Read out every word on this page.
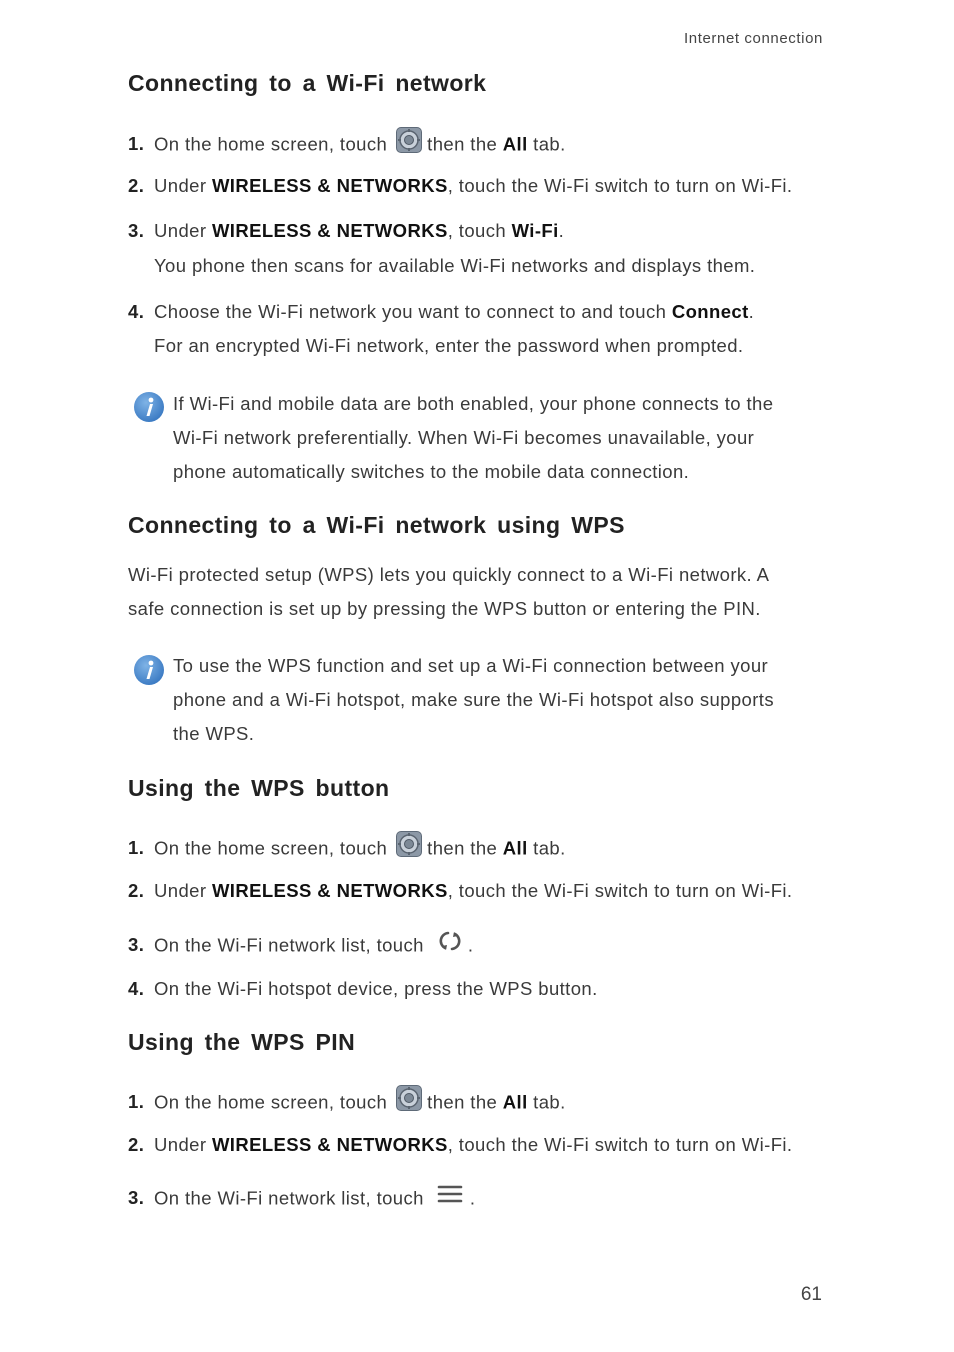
Internet connection
Connecting to a Wi-Fi network
1. On the home screen, touch then the All tab.
2. Under WIRELESS & NETWORKS, touch the Wi-Fi switch to turn on Wi-Fi.
3. Under WIRELESS & NETWORKS, touch Wi-Fi.
You phone then scans for available Wi-Fi networks and displays them.
4. Choose the Wi-Fi network you want to connect to and touch Connect.
For an encrypted Wi-Fi network, enter the password when prompted.
If Wi-Fi and mobile data are both enabled, your phone connects to the
Wi-Fi network preferentially. When Wi-Fi becomes unavailable, your
phone automatically switches to the mobile data connection.
Connecting to a Wi-Fi network using WPS
Wi-Fi protected setup (WPS) lets you quickly connect to a Wi-Fi network. A
safe connection is set up by pressing the WPS button or entering the PIN.
To use the WPS function and set up a Wi-Fi connection between your
phone and a Wi-Fi hotspot, make sure the Wi-Fi hotspot also supports
the WPS.
Using the WPS button
1. On the home screen, touch then the All tab.
2. Under WIRELESS & NETWORKS, touch the Wi-Fi switch to turn on Wi-Fi.
3. On the Wi-Fi network list, touch .
4. On the Wi-Fi hotspot device, press the WPS button.
Using the WPS PIN
1. On the home screen, touch then the All tab.
2. Under WIRELESS & NETWORKS, touch the Wi-Fi switch to turn on Wi-Fi.
3. On the Wi-Fi network list, touch .
61
